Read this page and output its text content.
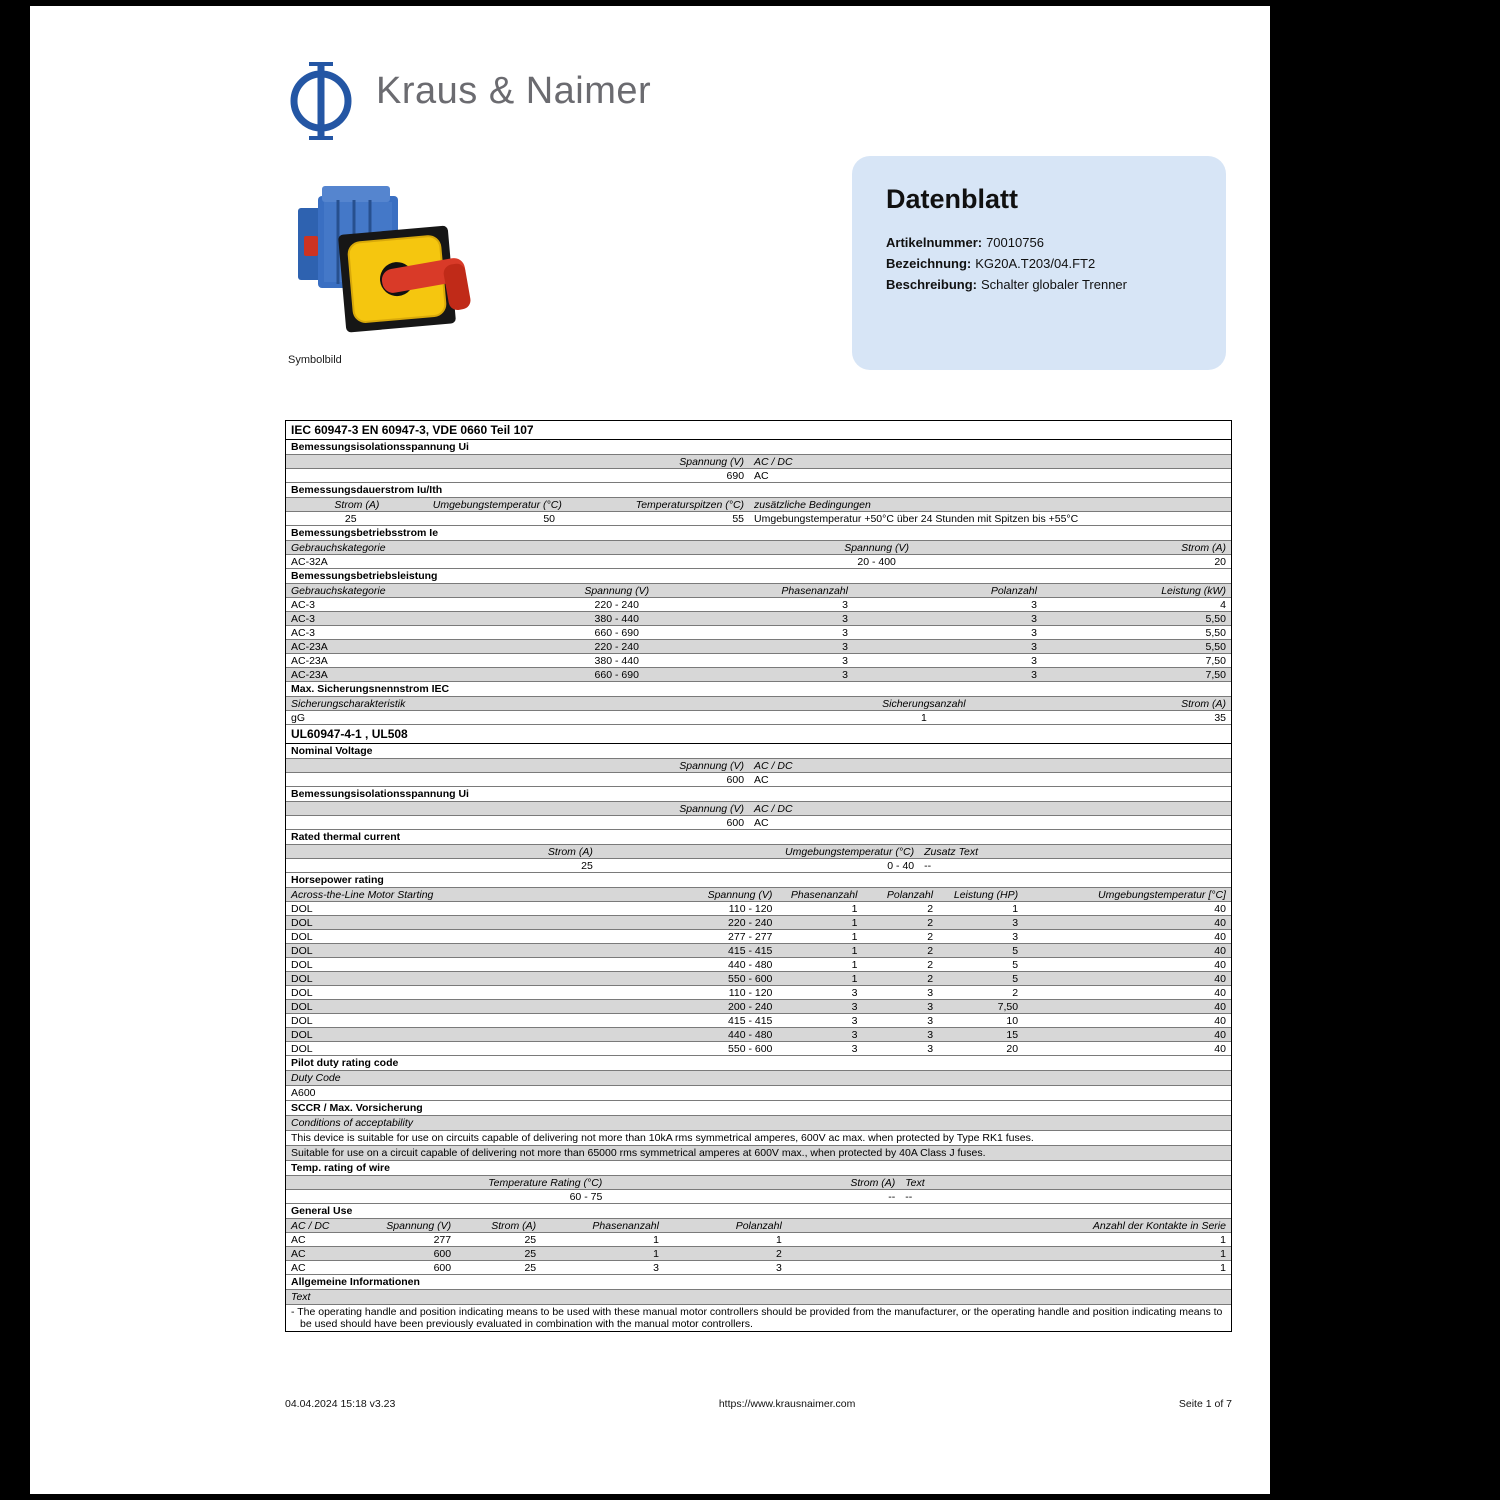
Kraus & Naimer
Symbolbild
Datenblatt
Artikelnummer: 70010756
Bezeichnung: KG20A.T203/04.FT2
Beschreibung: Schalter globaler Trenner
IEC 60947-3 EN 60947-3, VDE 0660 Teil 107
Bemessungsisolationsspannung Ui
Spannung (V) AC / DC
690 AC
Bemessungsdauerstrom Iu/Ith
Strom (A)	Umgebungstemperatur (°C)	Temperaturspitzen (°C) zusätzliche Bedingungen
25	50	55 Umgebungstemperatur +50°C über 24 Stunden mit Spitzen bis +55°C
Bemessungsbetriebsstrom Ie
Gebrauchskategorie	Spannung (V)	Strom (A)
AC-32A	20 - 400	20
Bemessungsbetriebsleistung
Gebrauchskategorie	Spannung (V)	Phasenanzahl	Polanzahl	Leistung (kW)
AC-3	220 - 240	3	3	4
AC-3	380 - 440	3	3	5,50
AC-3	660 - 690	3	3	5,50
AC-23A	220 - 240	3	3	5,50
AC-23A	380 - 440	3	3	7,50
AC-23A	660 - 690	3	3	7,50
Max. Sicherungsnennstrom IEC
Sicherungscharakteristik	Sicherungsanzahl	Strom (A)
gG	1	35
UL60947-4-1 , UL508
Nominal Voltage
Spannung (V) AC / DC
600 AC
Bemessungsisolationsspannung Ui
Spannung (V) AC / DC
600 AC
Rated thermal current
Strom (A)	Umgebungstemperatur (°C) Zusatz Text
25	0 - 40 --
Horsepower rating
Across-the-Line Motor Starting	Spannung (V)	Phasenanzahl	Polanzahl	Leistung (HP)	Umgebungstemperatur [°C]
DOL	110 - 120	1	2	1	40
DOL	220 - 240	1	2	3	40
DOL	277 - 277	1	2	3	40
DOL	415 - 415	1	2	5	40
DOL	440 - 480	1	2	5	40
DOL	550 - 600	1	2	5	40
DOL	110 - 120	3	3	2	40
DOL	200 - 240	3	3	7,50	40
DOL	415 - 415	3	3	10	40
DOL	440 - 480	3	3	15	40
DOL	550 - 600	3	3	20	40
Pilot duty rating code
Duty Code
A600
SCCR / Max. Vorsicherung
Conditions of acceptability
This device is suitable for use on circuits capable of delivering not more than 10kA rms symmetrical amperes, 600V ac max. when protected by Type RK1 fuses.
Suitable for use on a circuit capable of delivering not more than 65000 rms symmetrical amperes at 600V max., when protected by 40A Class J fuses.
Temp. rating of wire
Temperature Rating (°C)	Strom (A) Text
60 - 75	-- --
General Use
AC / DC	Spannung (V)	Strom (A)	Phasenanzahl	Polanzahl	Anzahl der Kontakte in Serie
AC	277	25	1	1	1
AC	600	25	1	2	1
AC	600	25	3	3	1
Allgemeine Informationen
Text
- The operating handle and position indicating means to be used with these manual motor controllers should be provided from the manufacturer, or the operating handle and position indicating means to be used should have been previously evaluated in combination with the manual motor controllers.
04.04.2024 15:18 v3.23	https://www.krausnaimer.com	Seite 1 of 7
